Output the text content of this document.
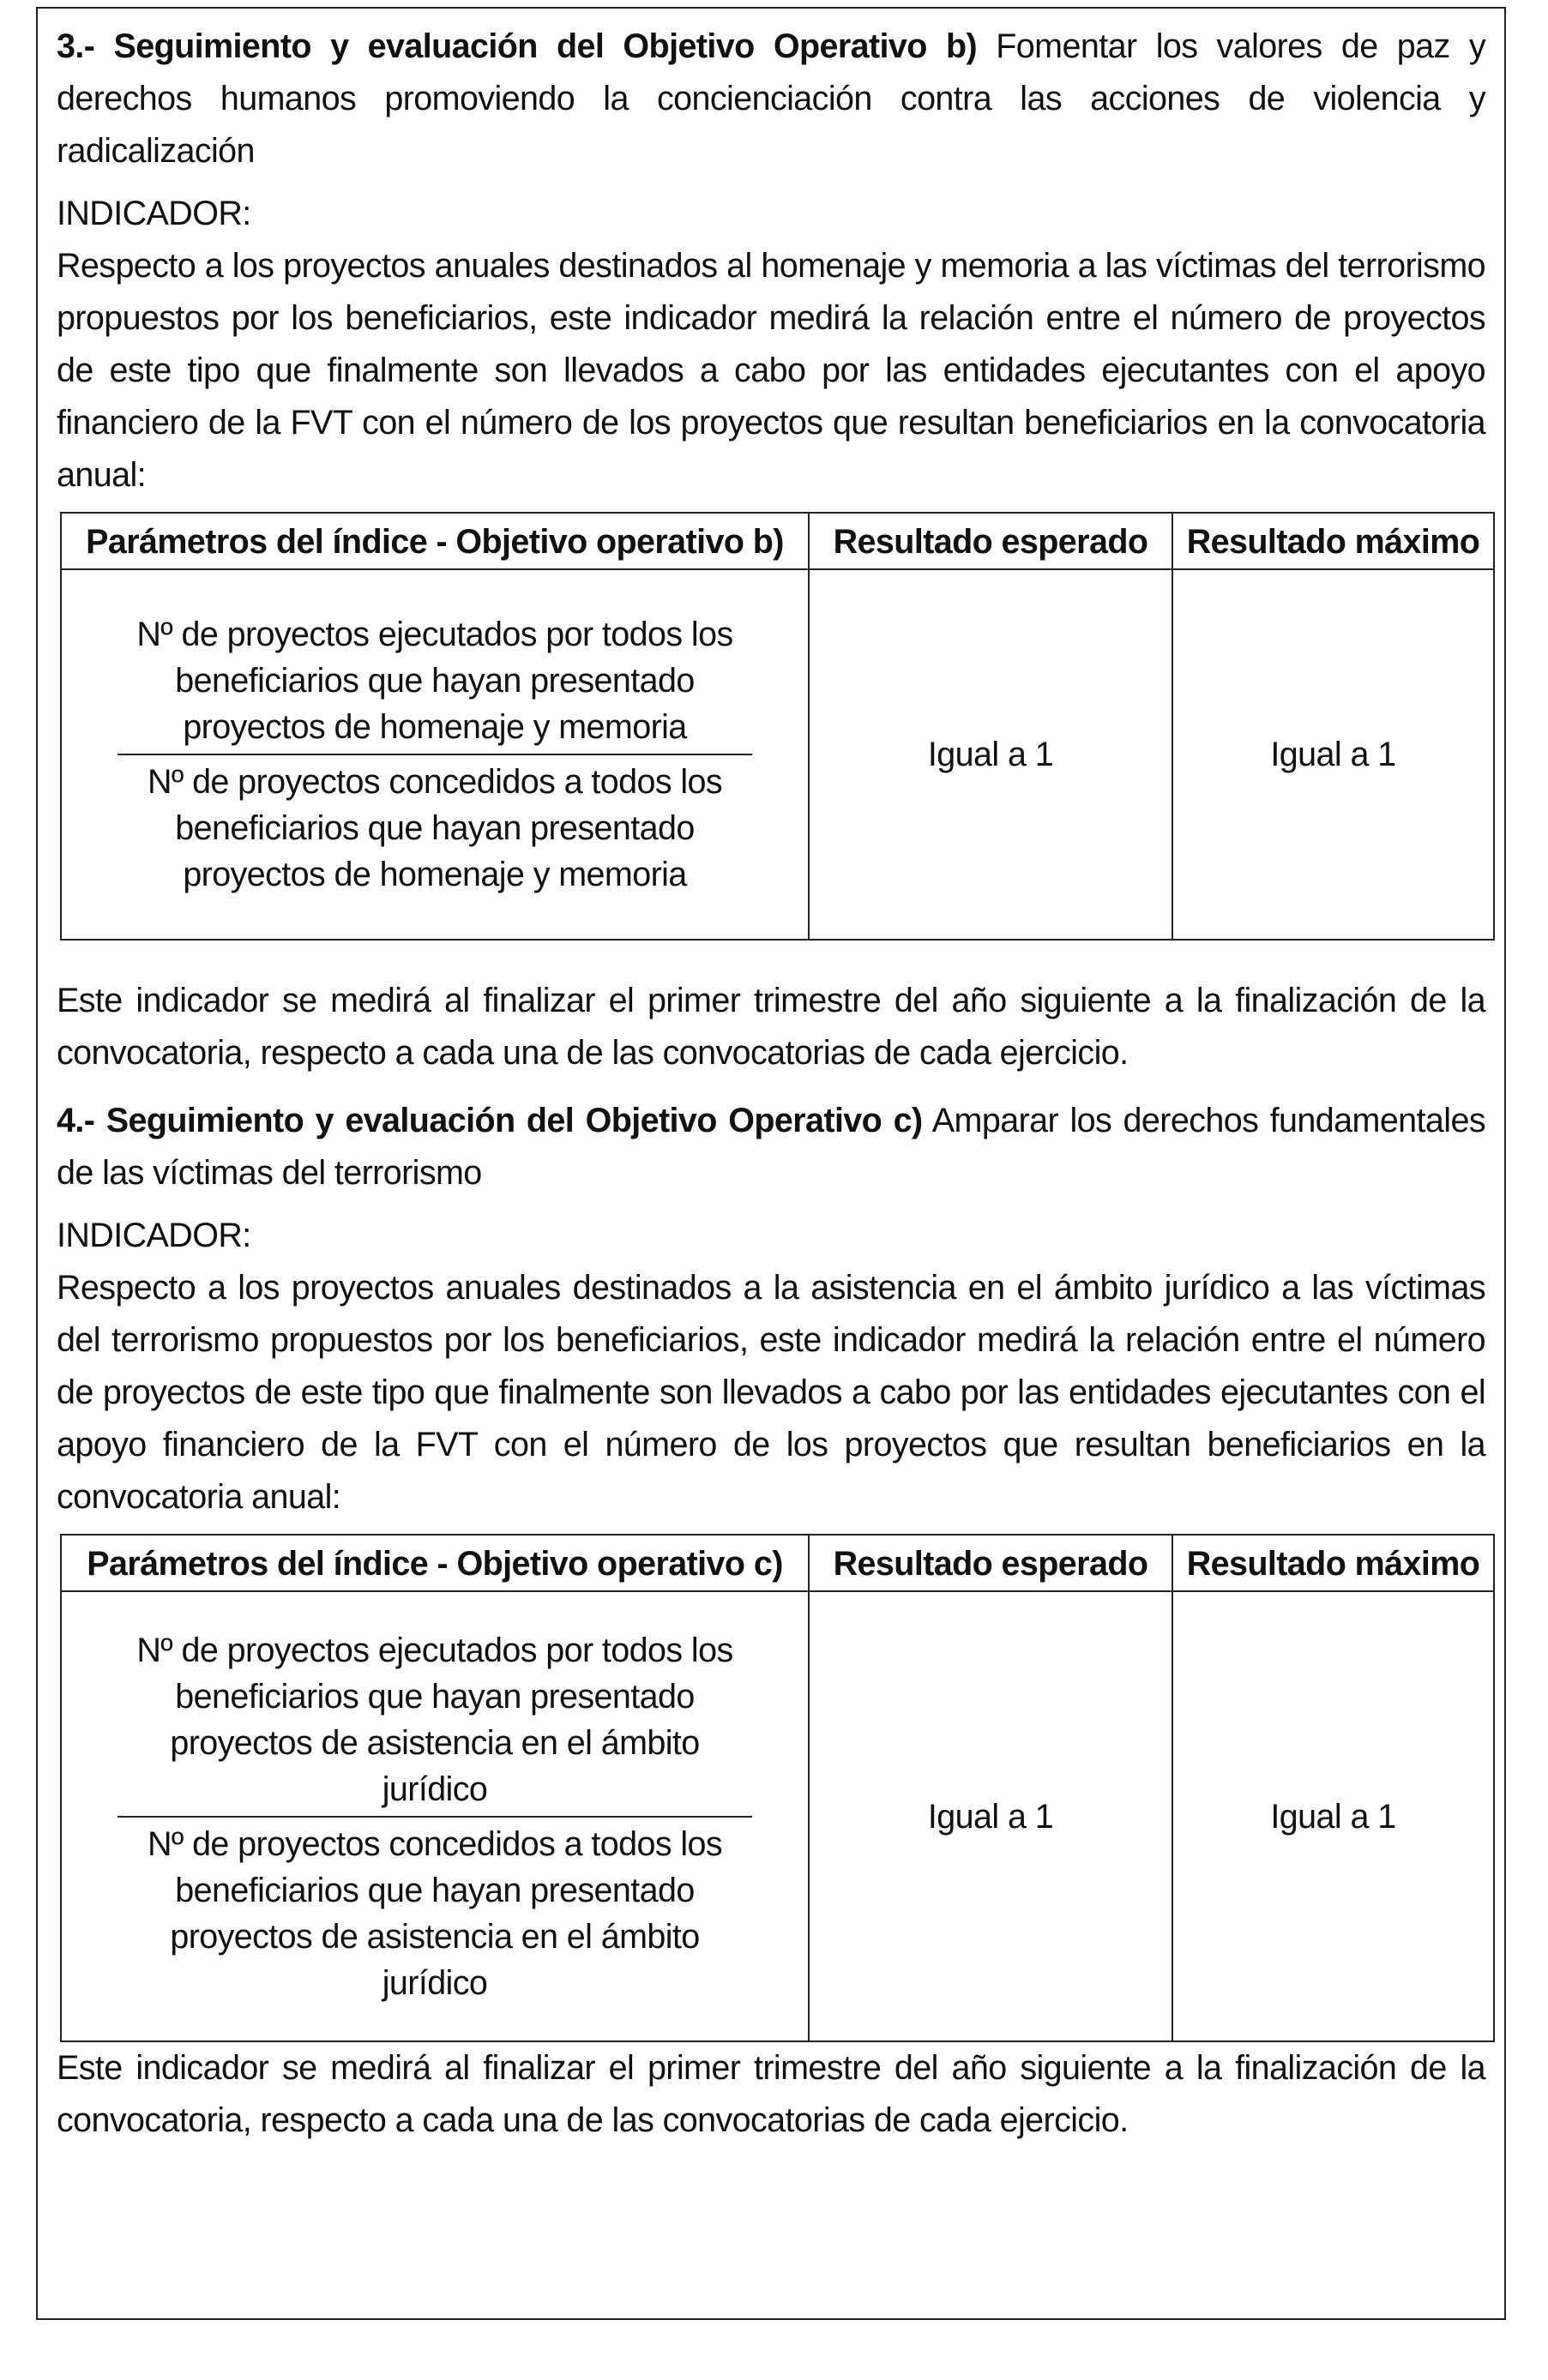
3.- Seguimiento y evaluación del Objetivo Operativo b) Fomentar los valores de paz y derechos humanos promoviendo la concienciación contra las acciones de violencia y radicalización

INDICADOR:

Respecto a los proyectos anuales destinados al homenaje y memoria a las víctimas del terrorismo propuestos por los beneficiarios, este indicador medirá la relación entre el número de proyectos de este tipo que finalmente son llevados a cabo por las entidades ejecutantes con el apoyo financiero de la FVT con el número de los proyectos que resultan beneficiarios en la convocatoria anual:

Parámetros del índice - Objetivo operativo b)	Resultado esperado	Resultado máximo

Nº de proyectos ejecutados por todos los beneficiarios que hayan presentado proyectos de homenaje y memoria
Nº de proyectos concedidos a todos los beneficiarios que hayan presentado proyectos de homenaje y memoria	Igual a 1	Igual a 1

Este indicador se medirá al finalizar el primer trimestre del año siguiente a la finalización de la convocatoria, respecto a cada una de las convocatorias de cada ejercicio.

4.- Seguimiento y evaluación del Objetivo Operativo c) Amparar los derechos fundamentales de las víctimas del terrorismo

INDICADOR:

Respecto a los proyectos anuales destinados a la asistencia en el ámbito jurídico a las víctimas del terrorismo propuestos por los beneficiarios, este indicador medirá la relación entre el número de proyectos de este tipo que finalmente son llevados a cabo por las entidades ejecutantes con el apoyo financiero de la FVT con el número de los proyectos que resultan beneficiarios en la convocatoria anual:

Parámetros del índice - Objetivo operativo c)	Resultado esperado	Resultado máximo

Nº de proyectos ejecutados por todos los beneficiarios que hayan presentado proyectos de asistencia en el ámbito jurídico
Nº de proyectos concedidos a todos los beneficiarios que hayan presentado proyectos de asistencia en el ámbito jurídico	Igual a 1	Igual a 1

Este indicador se medirá al finalizar el primer trimestre del año siguiente a la finalización de la convocatoria, respecto a cada una de las convocatorias de cada ejercicio.
